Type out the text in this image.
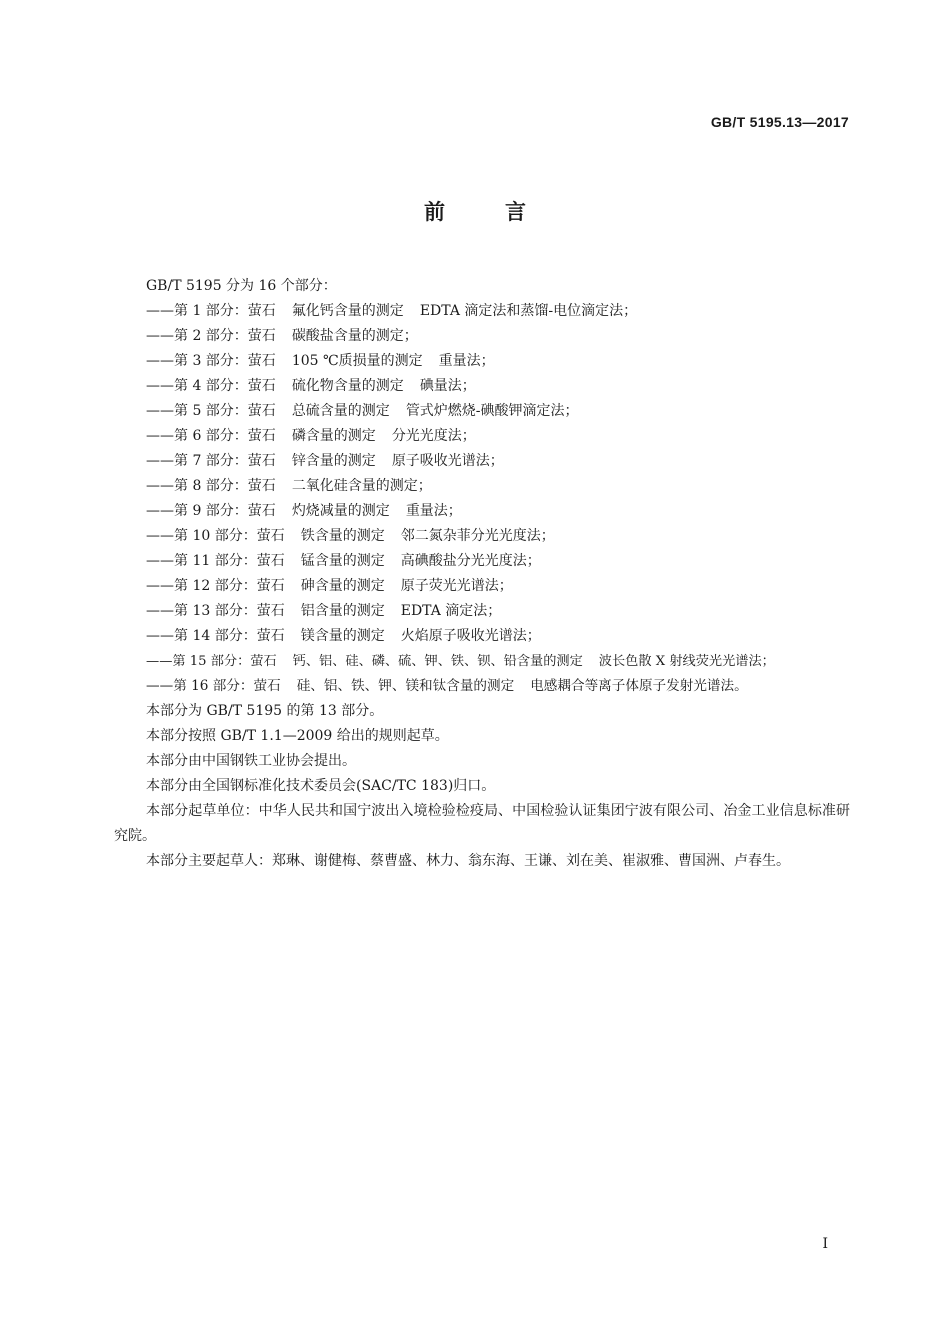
GB/T 5195.13—2017
前言
GB/T 5195 分为 16 个部分：
——第 1 部分：萤石 氟化钙含量的测定 EDTA 滴定法和蒸馏-电位滴定法；
——第 2 部分：萤石 碳酸盐含量的测定；
——第 3 部分：萤石 105 ℃质损量的测定 重量法；
——第 4 部分：萤石 硫化物含量的测定 碘量法；
——第 5 部分：萤石 总硫含量的测定 管式炉燃烧-碘酸钾滴定法；
——第 6 部分：萤石 磷含量的测定 分光光度法；
——第 7 部分：萤石 锌含量的测定 原子吸收光谱法；
——第 8 部分：萤石 二氧化硅含量的测定；
——第 9 部分：萤石 灼烧减量的测定 重量法；
——第 10 部分：萤石 铁含量的测定 邻二氮杂菲分光光度法；
——第 11 部分：萤石 锰含量的测定 高碘酸盐分光光度法；
——第 12 部分：萤石 砷含量的测定 原子荧光光谱法；
——第 13 部分：萤石 铝含量的测定 EDTA 滴定法；
——第 14 部分：萤石 镁含量的测定 火焰原子吸收光谱法；
——第 15 部分：萤石 钙、铝、硅、磷、硫、钾、铁、钡、铅含量的测定 波长色散 X 射线荧光光谱法；
——第 16 部分：萤石 硅、铝、铁、钾、镁和钛含量的测定 电感耦合等离子体原子发射光谱法。
本部分为 GB/T 5195 的第 13 部分。
本部分按照 GB/T 1.1—2009 给出的规则起草。
本部分由中国钢铁工业协会提出。
本部分由全国钢标准化技术委员会(SAC/TC 183)归口。
本部分起草单位：中华人民共和国宁波出入境检验检疫局、中国检验认证集团宁波有限公司、冶金工业信息标准研究院。
本部分主要起草人：郑琳、谢健梅、蔡曹盛、林力、翁东海、王谦、刘在美、崔淑雅、曹国洲、卢春生。
I
